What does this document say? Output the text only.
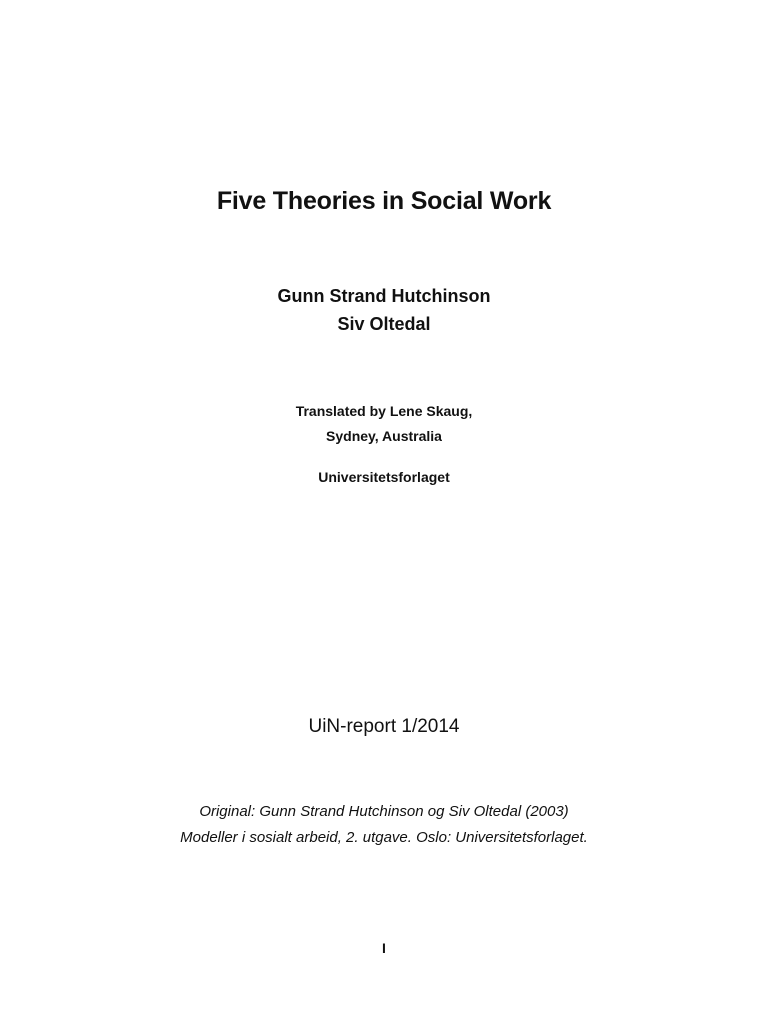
Five Theories in Social Work
Gunn Strand Hutchinson
Siv Oltedal
Translated by Lene Skaug,
Sydney, Australia
Universitetsforlaget
UiN-report 1/2014
Original: Gunn Strand Hutchinson og Siv Oltedal (2003)
Modeller i sosialt arbeid, 2. utgave. Oslo: Universitetsforlaget.
I
